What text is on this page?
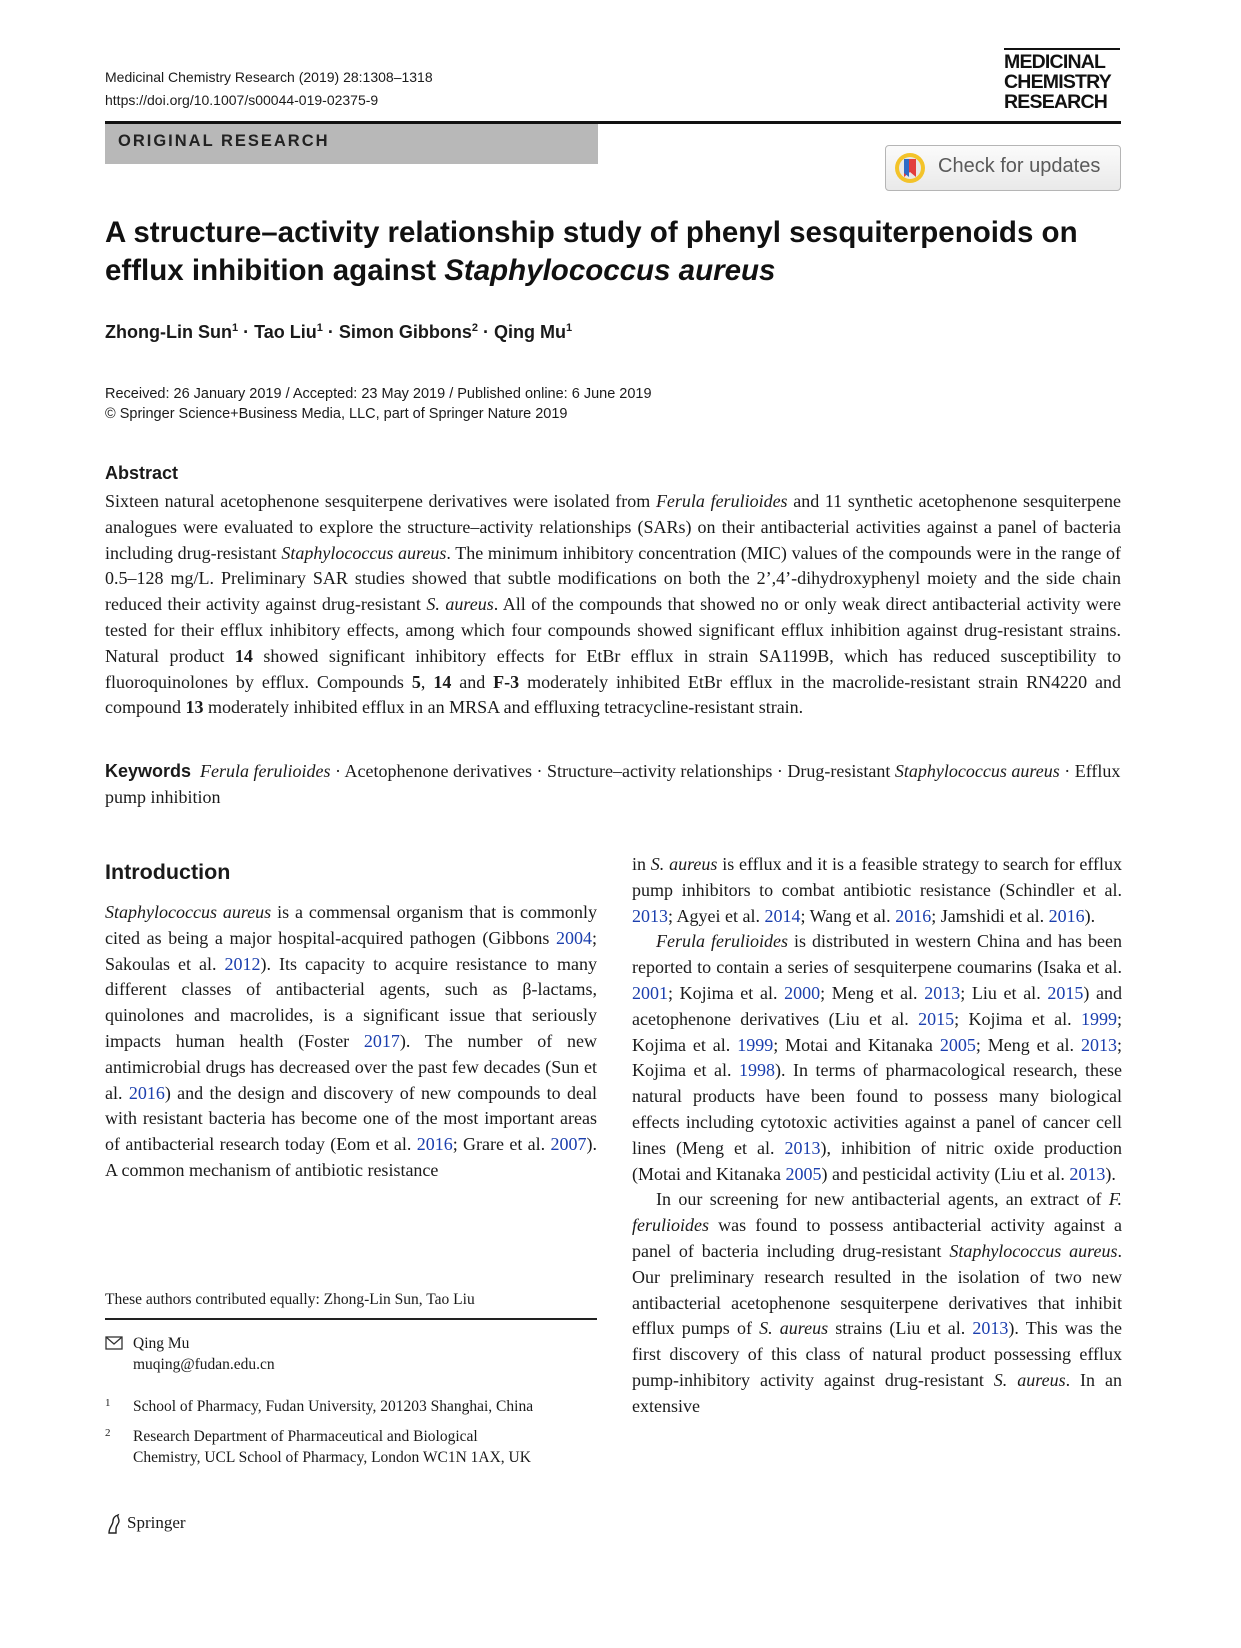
Medicinal Chemistry Research (2019) 28:1308–1318
https://doi.org/10.1007/s00044-019-02375-9
MEDICINAL
CHEMISTRY
RESEARCH
ORIGINAL RESEARCH
Check for updates
A structure–activity relationship study of phenyl sesquiterpenoids on efflux inhibition against Staphylococcus aureus
Zhong-Lin Sun$^1$ · Tao Liu$^1$ · Simon Gibbons$^2$ · Qing Mu$^1$
Received: 26 January 2019 / Accepted: 23 May 2019 / Published online: 6 June 2019
© Springer Science+Business Media, LLC, part of Springer Nature 2019
Abstract
Sixteen natural acetophenone sesquiterpene derivatives were isolated from Ferula ferulioides and 11 synthetic acetophenone sesquiterpene analogues were evaluated to explore the structure–activity relationships (SARs) on their antibacterial activities against a panel of bacteria including drug-resistant Staphylococcus aureus. The minimum inhibitory concentration (MIC) values of the compounds were in the range of 0.5–128 mg/L. Preliminary SAR studies showed that subtle modifications on both the 2’,4’-dihydroxyphenyl moiety and the side chain reduced their activity against drug-resistant S. aureus. All of the compounds that showed no or only weak direct antibacterial activity were tested for their efflux inhibitory effects, among which four compounds showed significant efflux inhibition against drug-resistant strains. Natural product 14 showed significant inhibitory effects for EtBr efflux in strain SA1199B, which has reduced susceptibility to fluoroquinolones by efflux. Compounds 5, 14 and F-3 moderately inhibited EtBr efflux in the macrolide-resistant strain RN4220 and compound 13 moderately inhibited efflux in an MRSA and effluxing tetracycline-resistant strain.
Keywords Ferula ferulioides · Acetophenone derivatives · Structure–activity relationships · Drug-resistant Staphylococcus aureus · Efflux pump inhibition
Introduction

Staphylococcus aureus is a commensal organism that is commonly cited as being a major hospital-acquired pathogen (Gibbons 2004; Sakoulas et al. 2012). Its capacity to acquire resistance to many different classes of antibacterial agents, such as β-lactams, quinolones and macrolides, is a significant issue that seriously impacts human health (Foster 2017). The number of new antimicrobial drugs has decreased over the past few decades (Sun et al. 2016) and the design and discovery of new compounds to deal with resistant bacteria has become one of the most important areas of antibacterial research today (Eom et al. 2016; Grare et al. 2007). A common mechanism of antibiotic resistance

in S. aureus is efflux and it is a feasible strategy to search for efflux pump inhibitors to combat antibiotic resistance (Schindler et al. 2013; Agyei et al. 2014; Wang et al. 2016; Jamshidi et al. 2016).

Ferula ferulioides is distributed in western China and has been reported to contain a series of sesquiterpene coumarins (Isaka et al. 2001; Kojima et al. 2000; Meng et al. 2013; Liu et al. 2015) and acetophenone derivatives (Liu et al. 2015; Kojima et al. 1999; Kojima et al. 1999; Motai and Kitanaka 2005; Meng et al. 2013; Kojima et al. 1998). In terms of pharmacological research, these natural products have been found to possess many biological effects including cytotoxic activities against a panel of cancer cell lines (Meng et al. 2013), inhibition of nitric oxide production (Motai and Kitanaka 2005) and pesticidal activity (Liu et al. 2013).

In our screening for new antibacterial agents, an extract of F. ferulioides was found to possess antibacterial activity against a panel of bacteria including drug-resistant Staphylococcus aureus. Our preliminary research resulted in the isolation of two new antibacterial acetophenone sesquiterpene derivatives that inhibit efflux pumps of S. aureus strains (Liu et al. 2013). This was the first discovery of this class of natural product possessing efflux pump-inhibitory activity against drug-resistant S. aureus. In an extensive

These authors contributed equally: Zhong-Lin Sun, Tao Liu
Qing Mu
muqing@fudan.edu.cn
1 School of Pharmacy, Fudan University, 201203 Shanghai, China
2 Research Department of Pharmaceutical and Biological
Chemistry, UCL School of Pharmacy, London WC1N 1AX, UK
Springer
